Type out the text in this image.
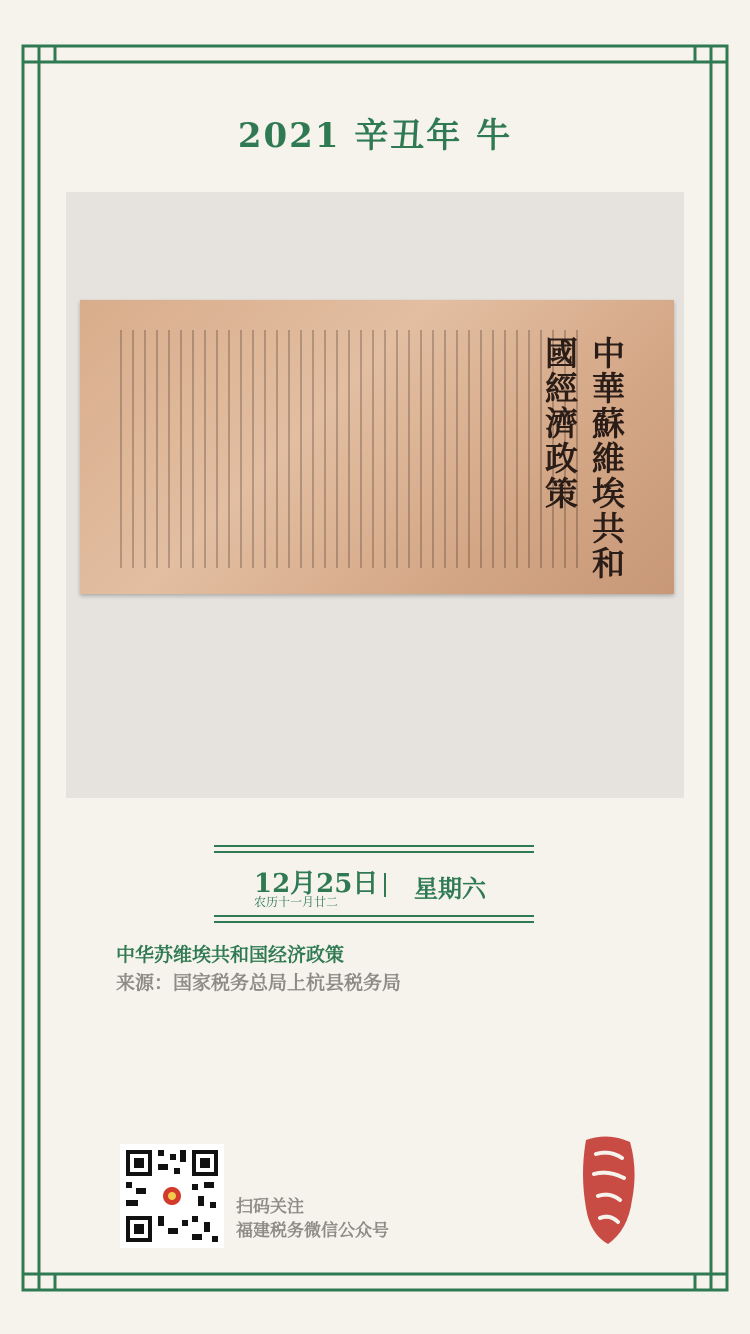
2021 辛丑年 牛
中華蘇維埃共和國經濟政策
12月25日
农历十一月廿二	星期六
中华苏维埃共和国经济政策
来源：国家税务总局上杭县税务局
扫码关注
福建税务微信公众号
